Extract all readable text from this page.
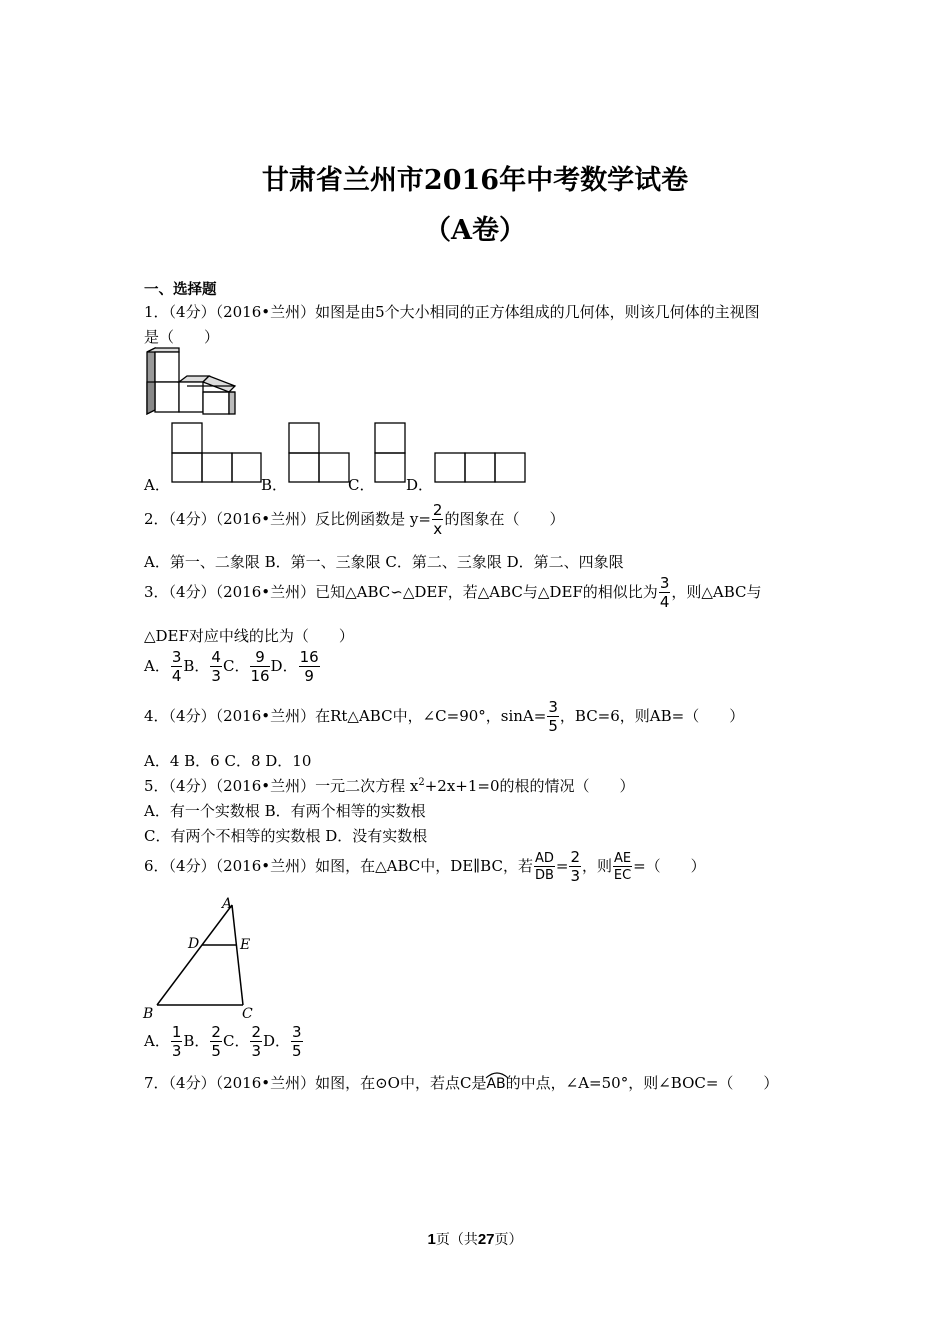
甘肃省兰州市2016年中考数学试卷
（A卷）
一、选择题
1．（4分）（2016•兰州）如图是由5个大小相同的正方体组成的几何体，则该几何体的主视图
是（　　）
A．	B．	C． D．
2．（4分）（2016•兰州）反比例函数是 $y= \frac{2}{x}$ 的图象在（　　）
A．第一、二象限 B．第一、三象限 C．第二、三象限 D．第二、四象限
3．（4分）（2016•兰州）已知△ABC∽△DEF，若△ABC与△DEF的相似比为 $\frac{3}{4}$ ，则△ABC与
△DEF对应中线的比为（　　）
A． $\frac{3}{4}$ B． $\frac{4}{3}$ C． $\frac{9}{16}$ D． $\frac{16}{9}$
4．（4分）（2016•兰州）在Rt△ABC中，∠C=90°，$\sin A= \frac{3}{5}$ ，BC=6，则AB=（　　）
A．4 B．6 C．8 D．10
5．（4分）（2016•兰州）一元二次方程 $x^2+2x+1=0$的根的情况（　　）
A．有一个实数根 B．有两个相等的实数根
C．有两个不相等的实数根 D．没有实数根
6．（4分）（2016•兰州）如图，在△ABC中，DE∥BC，若 $\frac{AD}{DB} = \frac{2}{3}$ ，则 $\frac{AE}{EC}$ =（　　）
A
D	E
B	C
A． $\frac{1}{3}$ B． $\frac{2}{5}$ C． $\frac{2}{3}$ D． $\frac{3}{5}$
7．（4分）（2016•兰州）如图，在⊙O中，若点C是
AB的中点，∠A=50°，则∠BOC=（　　）
1页（共27页）
